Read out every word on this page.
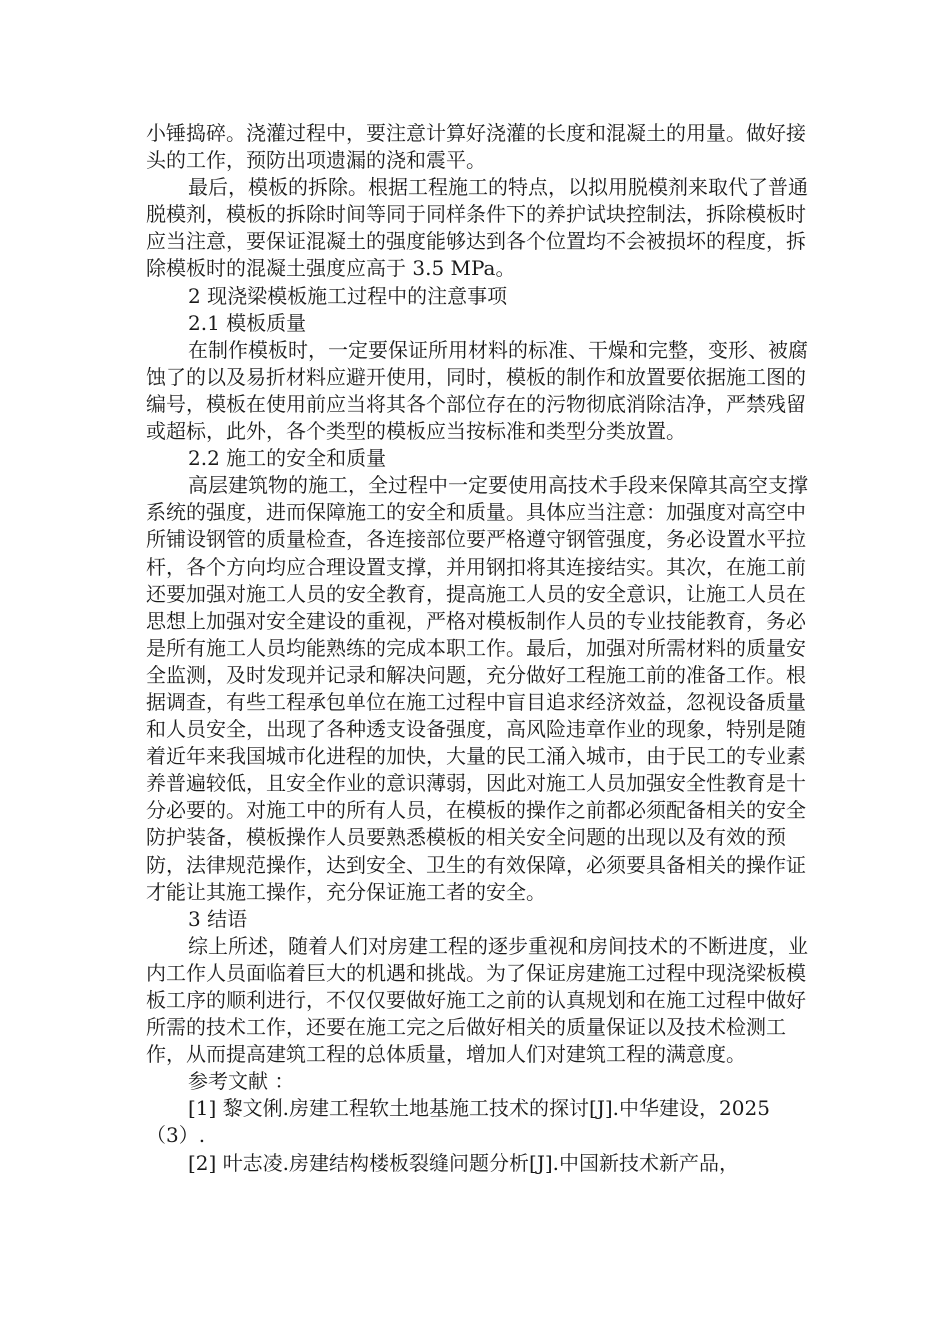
小锤捣碎。浇灌过程中，要注意计算好浇灌的长度和混凝土的用量。做好接头的工作，预防出项遗漏的浇和震平。

最后，模板的拆除。根据工程施工的特点，以拟用脱模剂来取代了普通脱模剂，模板的拆除时间等同于同样条件下的养护试块控制法，拆除模板时应当注意，要保证混凝土的强度能够达到各个位置均不会被损坏的程度，拆除模板时的混凝土强度应高于 3.5 MPa。

2 现浇梁模板施工过程中的注意事项

2.1 模板质量

在制作模板时，一定要保证所用材料的标准、干燥和完整，变形、被腐蚀了的以及易折材料应避开使用，同时，模板的制作和放置要依据施工图的编号，模板在使用前应当将其各个部位存在的污物彻底消除洁净，严禁残留或超标，此外，各个类型的模板应当按标准和类型分类放置。

2.2 施工的安全和质量

高层建筑物的施工，全过程中一定要使用高技术手段来保障其高空支撑系统的强度，进而保障施工的安全和质量。具体应当注意：加强度对高空中所铺设钢管的质量检查，各连接部位要严格遵守钢管强度，务必设置水平拉杆，各个方向均应合理设置支撑，并用钢扣将其连接结实。其次，在施工前还要加强对施工人员的安全教育，提高施工人员的安全意识，让施工人员在思想上加强对安全建设的重视，严格对模板制作人员的专业技能教育，务必是所有施工人员均能熟练的完成本职工作。最后，加强对所需材料的质量安全监测，及时发现并记录和解决问题，充分做好工程施工前的准备工作。根据调查，有些工程承包单位在施工过程中盲目追求经济效益，忽视设备质量和人员安全，出现了各种透支设备强度，高风险违章作业的现象，特别是随着近年来我国城市化进程的加快，大量的民工涌入城市，由于民工的专业素养普遍较低，且安全作业的意识薄弱，因此对施工人员加强安全性教育是十分必要的。对施工中的所有人员，在模板的操作之前都必须配备相关的安全防护装备，模板操作人员要熟悉模板的相关安全问题的出现以及有效的预防，法律规范操作，达到安全、卫生的有效保障，必须要具备相关的操作证才能让其施工操作，充分保证施工者的安全。

3 结语

综上所述，随着人们对房建工程的逐步重视和房间技术的不断进度，业内工作人员面临着巨大的机遇和挑战。为了保证房建施工过程中现浇梁板模板工序的顺利进行，不仅仅要做好施工之前的认真规划和在施工过程中做好所需的技术工作，还要在施工完之后做好相关的质量保证以及技术检测工作，从而提高建筑工程的总体质量，增加人们对建筑工程的满意度。

参考文献 ：

[1] 黎文俐.房建工程软土地基施工技术的探讨[J].中华建设，2025（3）.

[2] 叶志凌.房建结构楼板裂缝问题分析[J].中国新技术新产品，
